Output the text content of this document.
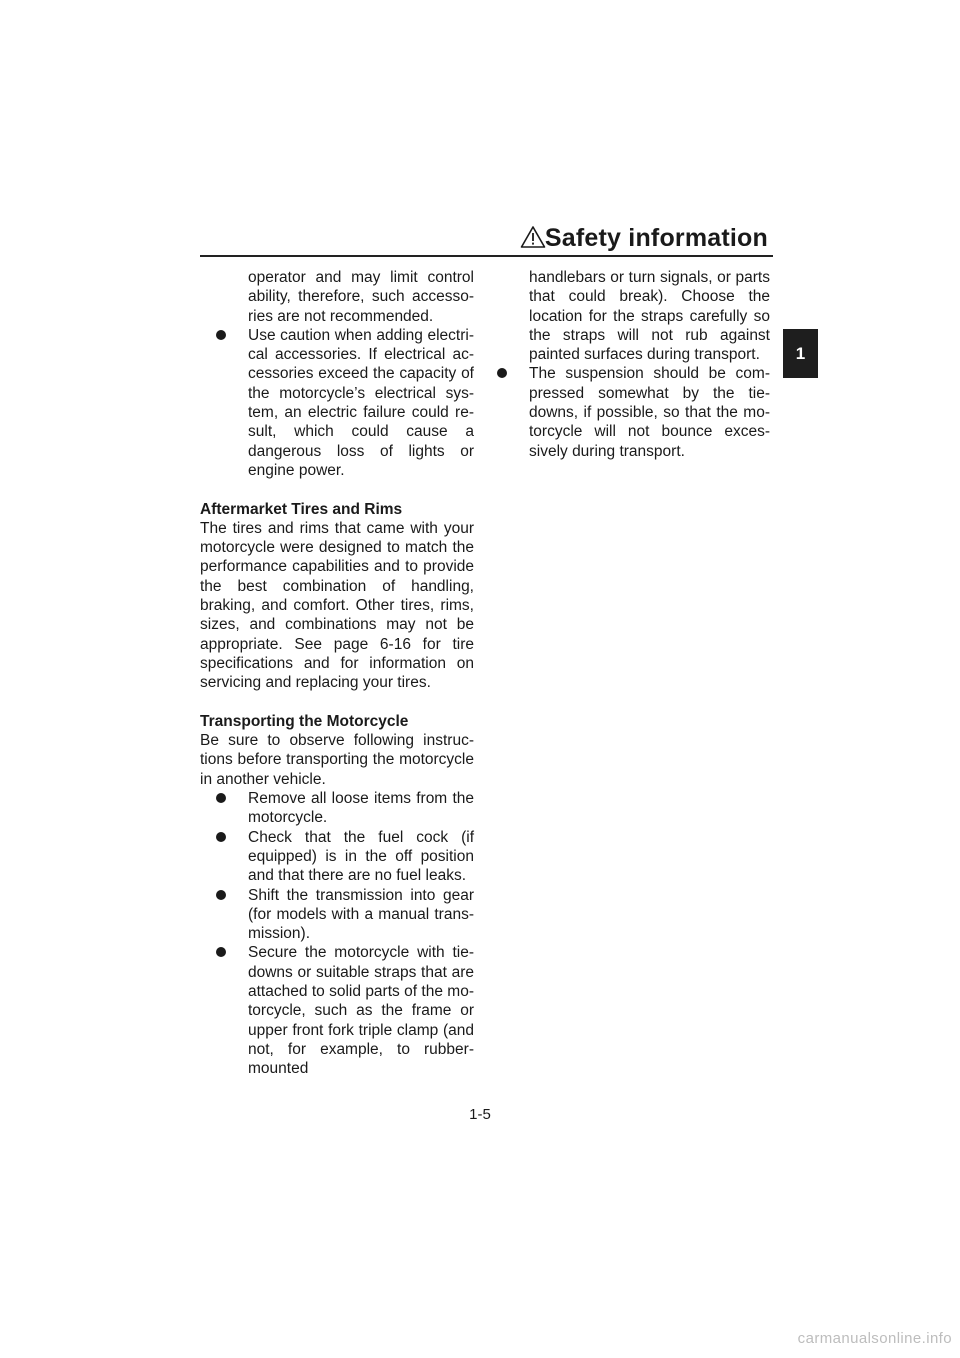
Safety information
1

operator and may limit control ability, therefore, such accessories are not recommended.

Use caution when adding electrical accessories. If electrical accessories exceed the capacity of the motorcycle’s electrical system, an electric failure could result, which could cause a dangerous loss of lights or engine power.

Aftermarket Tires and Rims

The tires and rims that came with your motorcycle were designed to match the performance capabilities and to provide the best combination of handling, braking, and comfort. Other tires, rims, sizes, and combinations may not be appropriate. See page 6-16 for tire specifications and for information on servicing and replacing your tires.

Transporting the Motorcycle

Be sure to observe following instructions before transporting the motorcycle in another vehicle.

Remove all loose items from the motorcycle.

Check that the fuel cock (if equipped) is in the off position and that there are no fuel leaks.

Shift the transmission into gear (for models with a manual transmission).

Secure the motorcycle with tie-downs or suitable straps that are attached to solid parts of the motorcycle, such as the frame or upper front fork triple clamp (and not, for example, to rubber-mounted

handlebars or turn signals, or parts that could break). Choose the location for the straps carefully so the straps will not rub against painted surfaces during transport.

The suspension should be compressed somewhat by the tie-downs, if possible, so that the motorcycle will not bounce excessively during transport.

1-5
carmanualsonline.info
